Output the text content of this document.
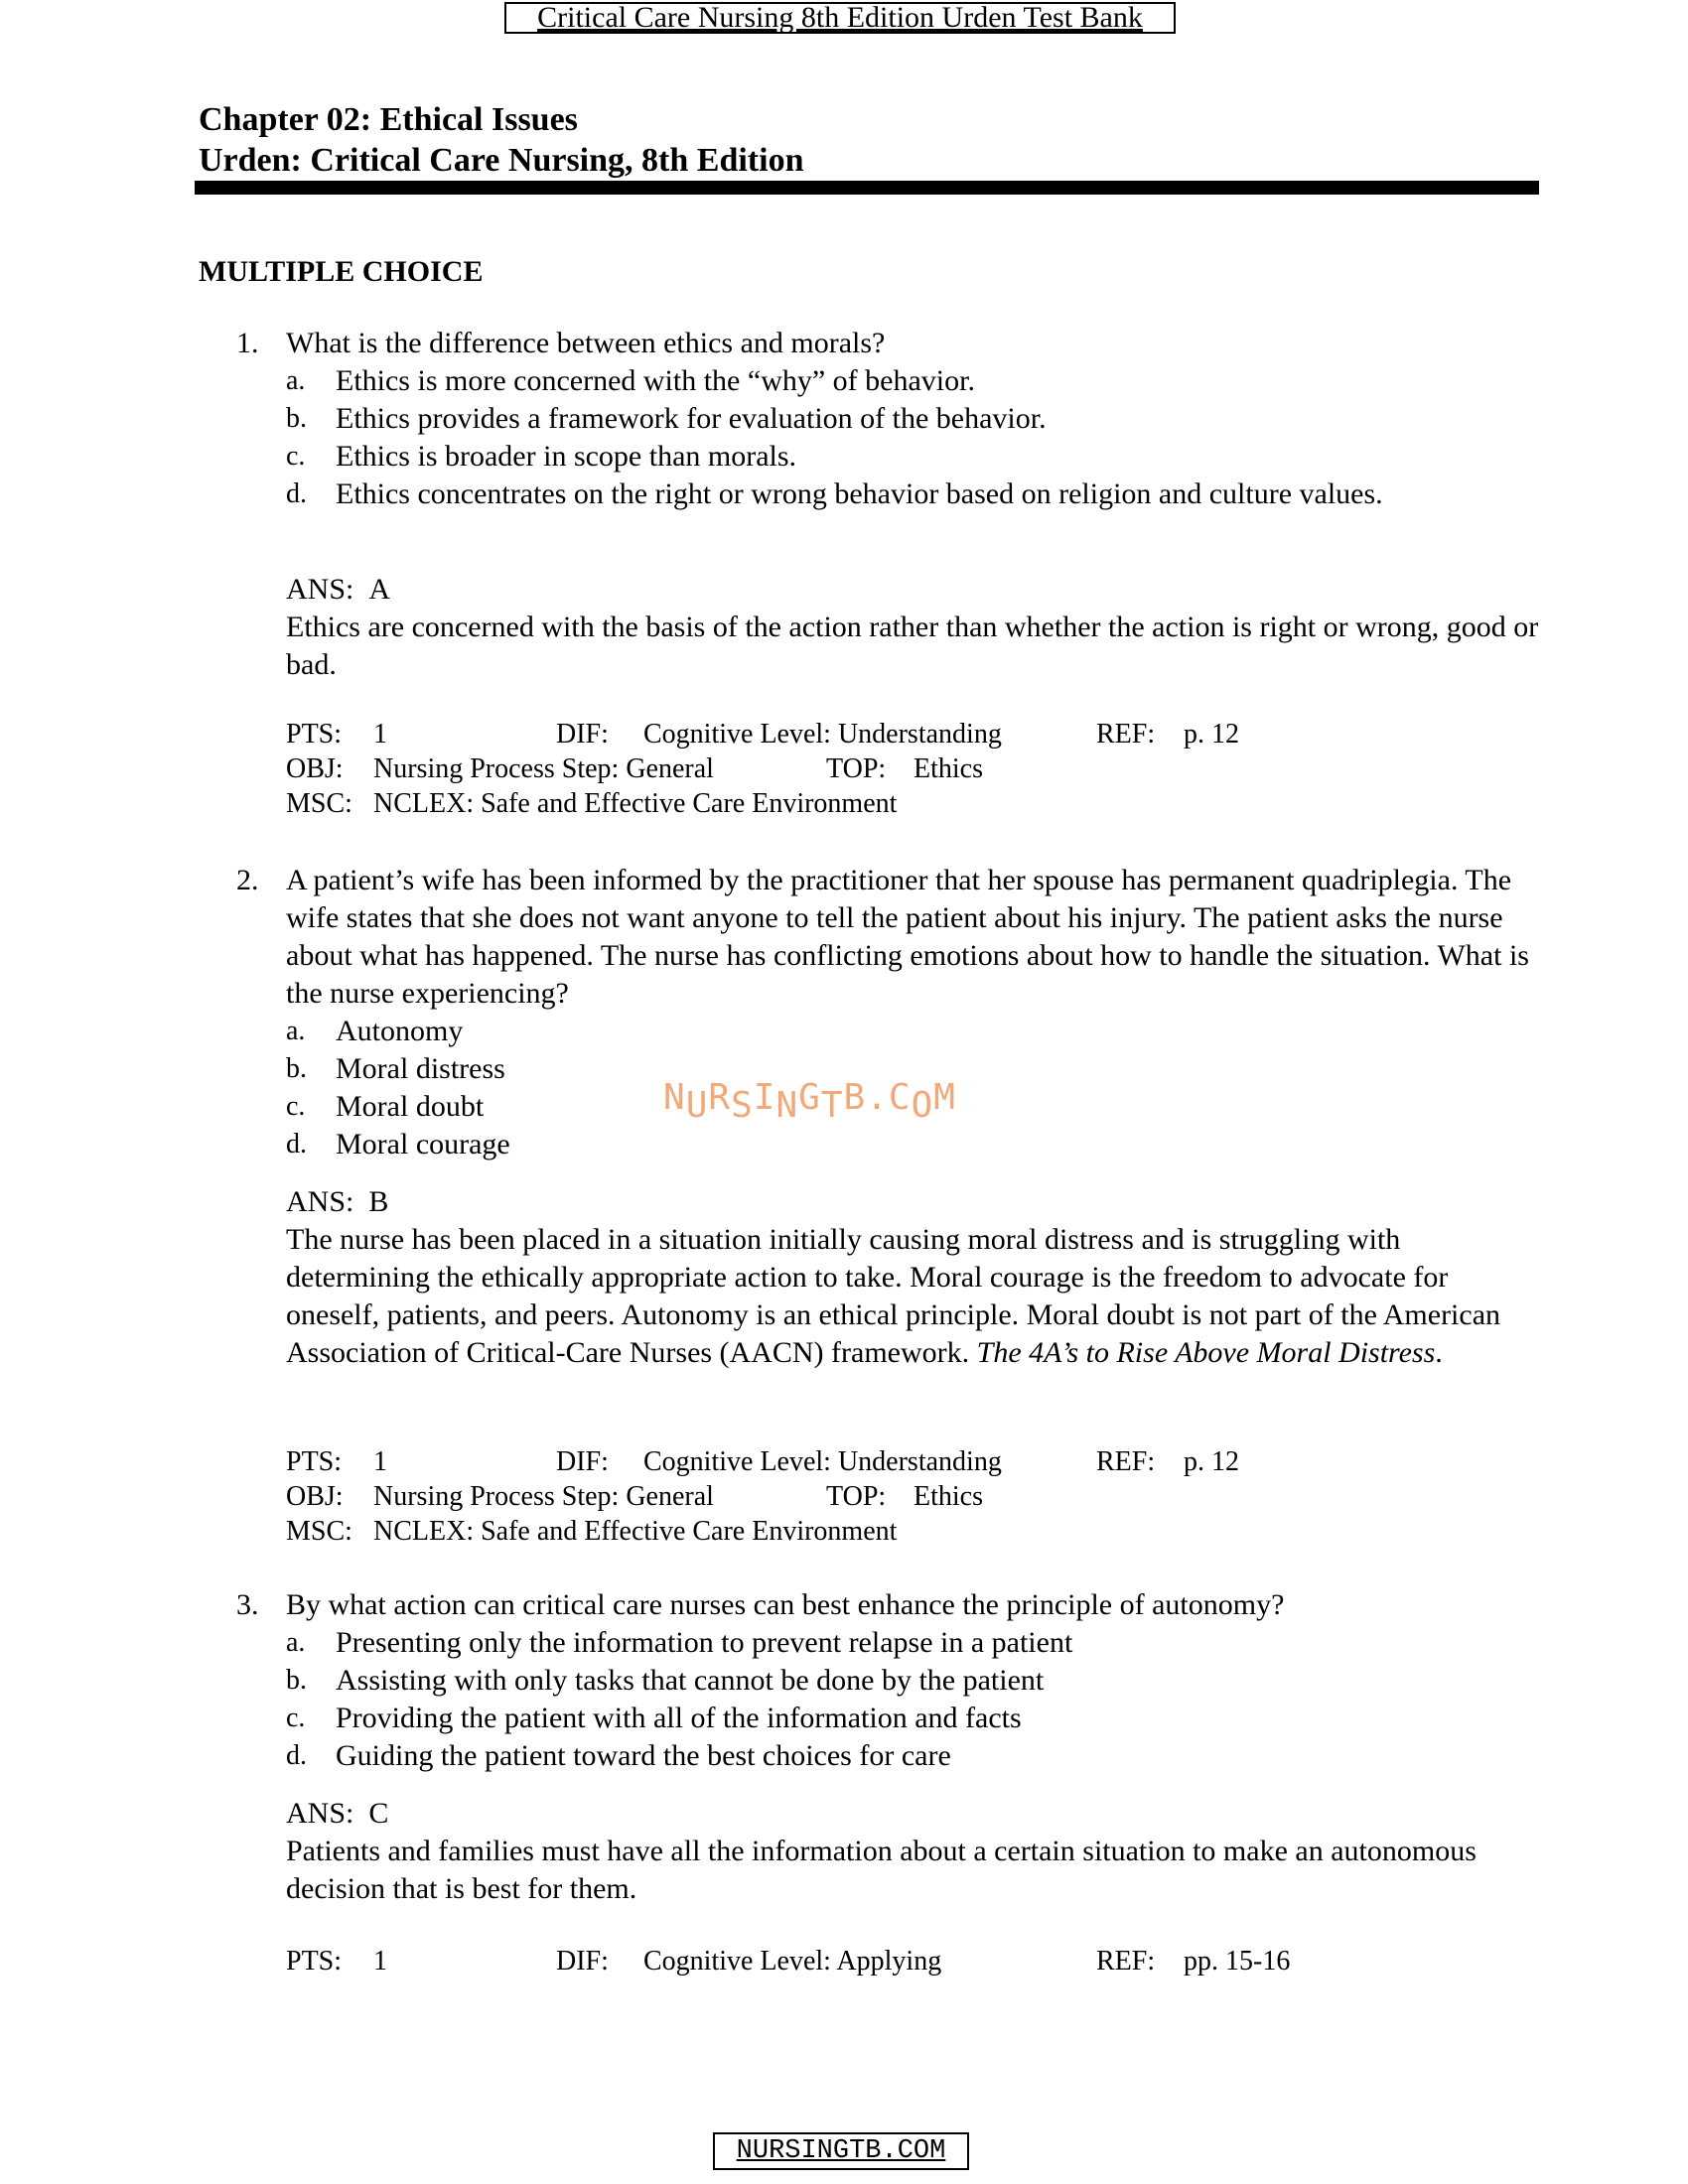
Critical Care Nursing 8th Edition Urden Test Bank
Chapter 02: Ethical Issues
Urden: Critical Care Nursing, 8th Edition
MULTIPLE CHOICE
1. What is the difference between ethics and morals?
a. Ethics is more concerned with the “why” of behavior.
b. Ethics provides a framework for evaluation of the behavior.
c. Ethics is broader in scope than morals.
d. Ethics concentrates on the right or wrong behavior based on religion and culture values.
ANS: A
Ethics are concerned with the basis of the action rather than whether the action is right or wrong, good or bad.
PTS: 1	DIF: Cognitive Level: Understanding	REF: p. 12
OBJ: Nursing Process Step: General	TOP: Ethics
MSC: NCLEX: Safe and Effective Care Environment
2. A patient’s wife has been informed by the practitioner that her spouse has permanent quadriplegia. The wife states that she does not want anyone to tell the patient about his injury. The patient asks the nurse about what has happened. The nurse has conflicting emotions about how to handle the situation. What is the nurse experiencing?
a. Autonomy
b. Moral distress
c. Moral doubt
d. Moral courage
ANS: B
The nurse has been placed in a situation initially causing moral distress and is struggling with determining the ethically appropriate action to take. Moral courage is the freedom to advocate for oneself, patients, and peers. Autonomy is an ethical principle. Moral doubt is not part of the American Association of Critical-Care Nurses (AACN) framework. The 4A’s to Rise Above Moral Distress.
PTS: 1	DIF: Cognitive Level: Understanding	REF: p. 12
OBJ: Nursing Process Step: General	TOP: Ethics
MSC: NCLEX: Safe and Effective Care Environment
3. By what action can critical care nurses can best enhance the principle of autonomy?
a. Presenting only the information to prevent relapse in a patient
b. Assisting with only tasks that cannot be done by the patient
c. Providing the patient with all of the information and facts
d. Guiding the patient toward the best choices for care
ANS: C
Patients and families must have all the information about a certain situation to make an autonomous decision that is best for them.
PTS: 1	DIF: Cognitive Level: Applying	REF: pp. 15-16
NURSINGTB.COM
NURSINGTB.COM
